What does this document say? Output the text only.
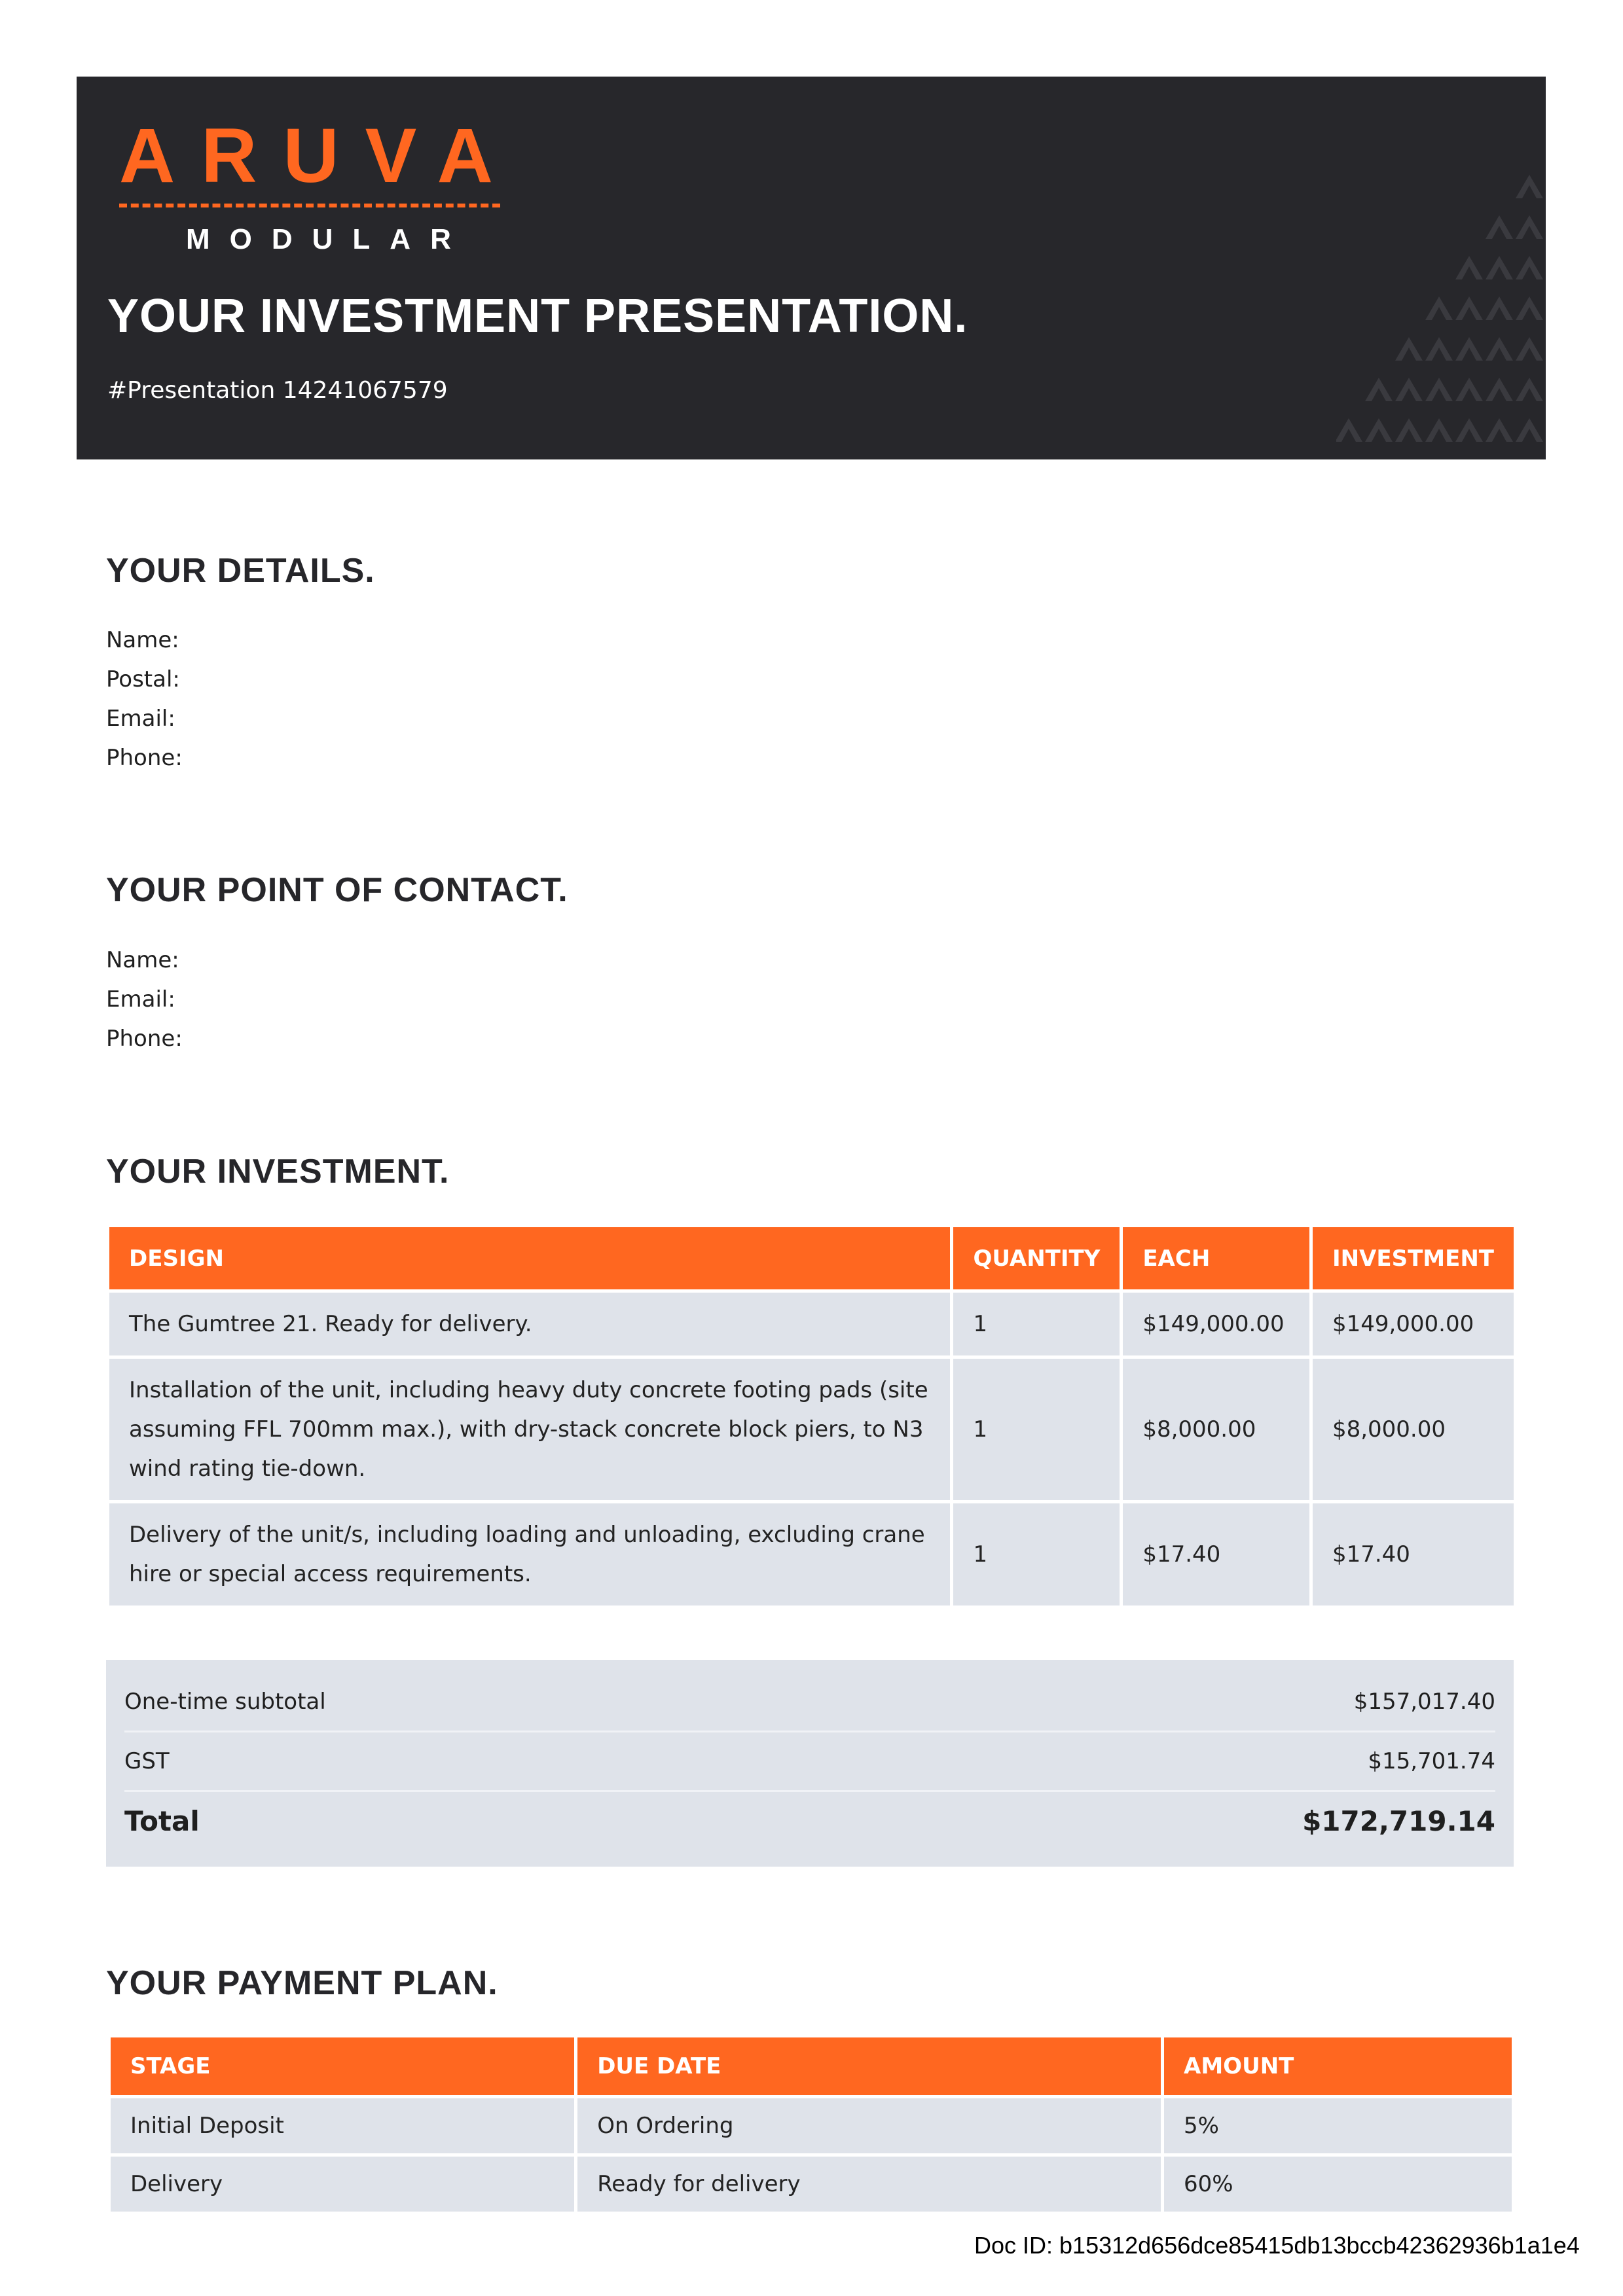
ARUVA
MODULAR
YOUR INVESTMENT PRESENTATION.
#Presentation 14241067579
YOUR DETAILS.
Name:
Postal:
Email:
Phone:
YOUR POINT OF CONTACT.
Name:
Email:
Phone:
YOUR INVESTMENT.
DESIGN	QUANTITY	EACH	INVESTMENT
The Gumtree 21. Ready for delivery.	1	$149,000.00	$149,000.00
Installation of the unit, including heavy duty concrete footing pads (site assuming FFL 700mm max.), with dry-stack concrete block piers, to N3 wind rating tie-down.	1	$8,000.00	$8,000.00
Delivery of the unit/s, including loading and unloading, excluding crane hire or special access requirements.	1	$17.40	$17.40
One-time subtotal	$157,017.40
GST	$15,701.74
Total	$172,719.14
YOUR PAYMENT PLAN.
STAGE	DUE DATE	AMOUNT
Initial Deposit	On Ordering	5%
Delivery	Ready for delivery	60%
Doc ID: b15312d656dce85415db13bccb42362936b1a1e4
